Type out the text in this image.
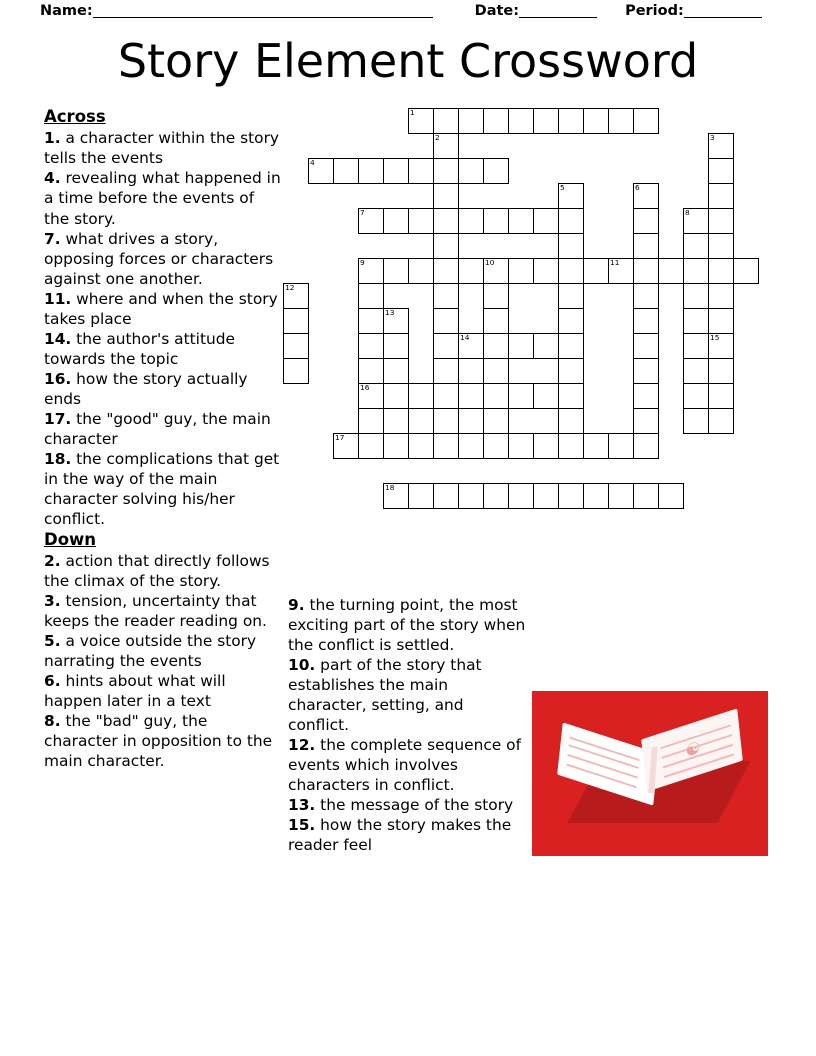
Name:	Date:	Period:
Story Element Crossword
Across
1. a character within the story tells the events
4. revealing what happened in a time before the events of the story.
7. what drives a story, opposing forces or characters against one another.
11. where and when the story takes place
14. the author's attitude towards the topic
16. how the story actually ends
17. the "good" guy, the main character
18. the complications that get in the way of the main character solving his/her conflict.
Down
2. action that directly follows the climax of the story.
3. tension, uncertainty that keeps the reader reading on.
5. a voice outside the story narrating the events
6. hints about what will happen later in a text
8. the "bad" guy, the character in opposition to the main character.
9. the turning point, the most exciting part of the story when the conflict is settled.
10. part of the story that establishes the main character, setting, and conflict.
12. the complete sequence of events which involves characters in conflict.
13. the message of the story
15. how the story makes the reader feel
1
2	3
4
5	6
7	8
9	10	11
12
13
14	15
16
17
18
☯
